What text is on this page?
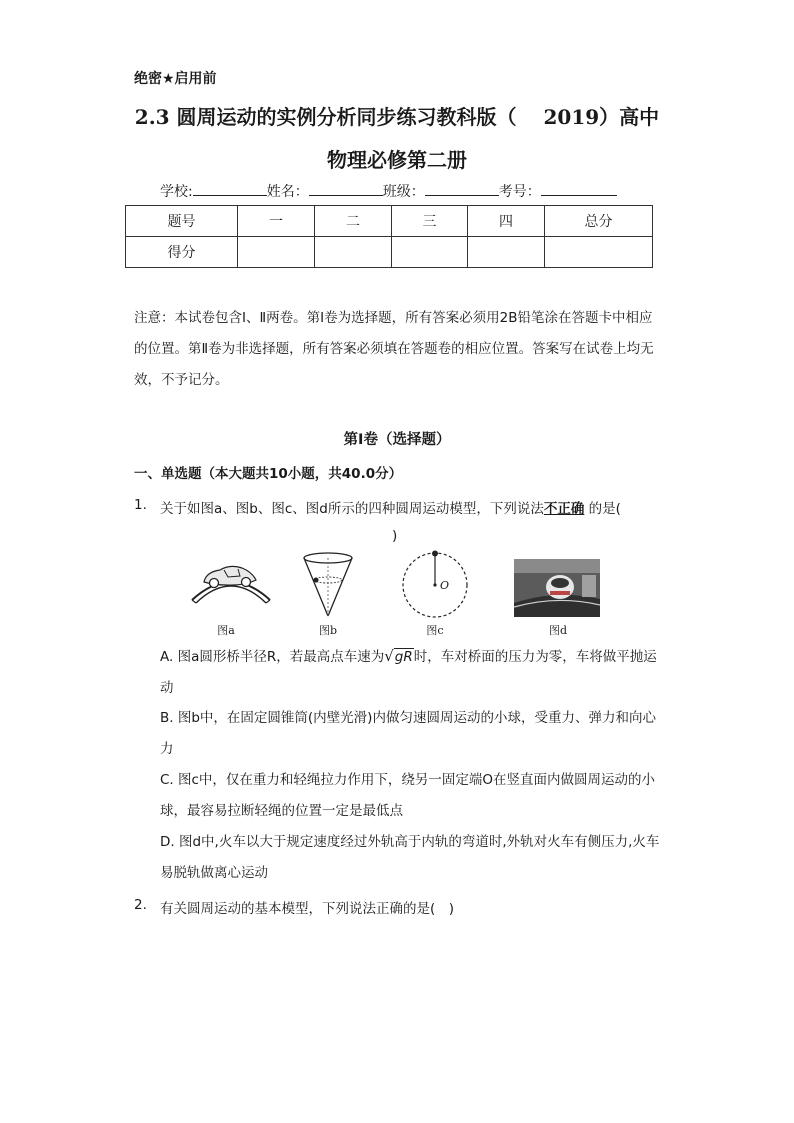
绝密★启用前
2.3 圆周运动的实例分析同步练习教科版（　 2019）高中
物理必修第二册
学校:	姓名：	班级：	考号：
题号	一	二	三	四	总分
得分					
注意：本试卷包含Ⅰ、Ⅱ两卷。第Ⅰ卷为选择题，所有答案必须用2B铅笔涂在答题卡中相应的位置。第Ⅱ卷为非选择题，所有答案必须填在答题卷的相应位置。答案写在试卷上均无效，不予记分。
第Ⅰ卷（选择题）
一、单选题（本大题共10小题，共40.0分）
1. 关于如图a、图b、图c、图d所示的四种圆周运动模型，下列说法不正确 的是(
)
O
图a	图b	图c	图d
A. 图a圆形桥半径R，若最高点车速为√gR时，车对桥面的压力为零，车将做平抛运动
B. 图b中，在固定圆锥筒(内壁光滑)内做匀速圆周运动的小球，受重力、弹力和向心力
C. 图c中，仅在重力和轻绳拉力作用下，绕另一固定端O在竖直面内做圆周运动的小球，最容易拉断轻绳的位置一定是最低点
D. 图d中,火车以大于规定速度经过外轨高于内轨的弯道时,外轨对火车有侧压力,火车易脱轨做离心运动
2. 有关圆周运动的基本模型，下列说法正确的是(　)
